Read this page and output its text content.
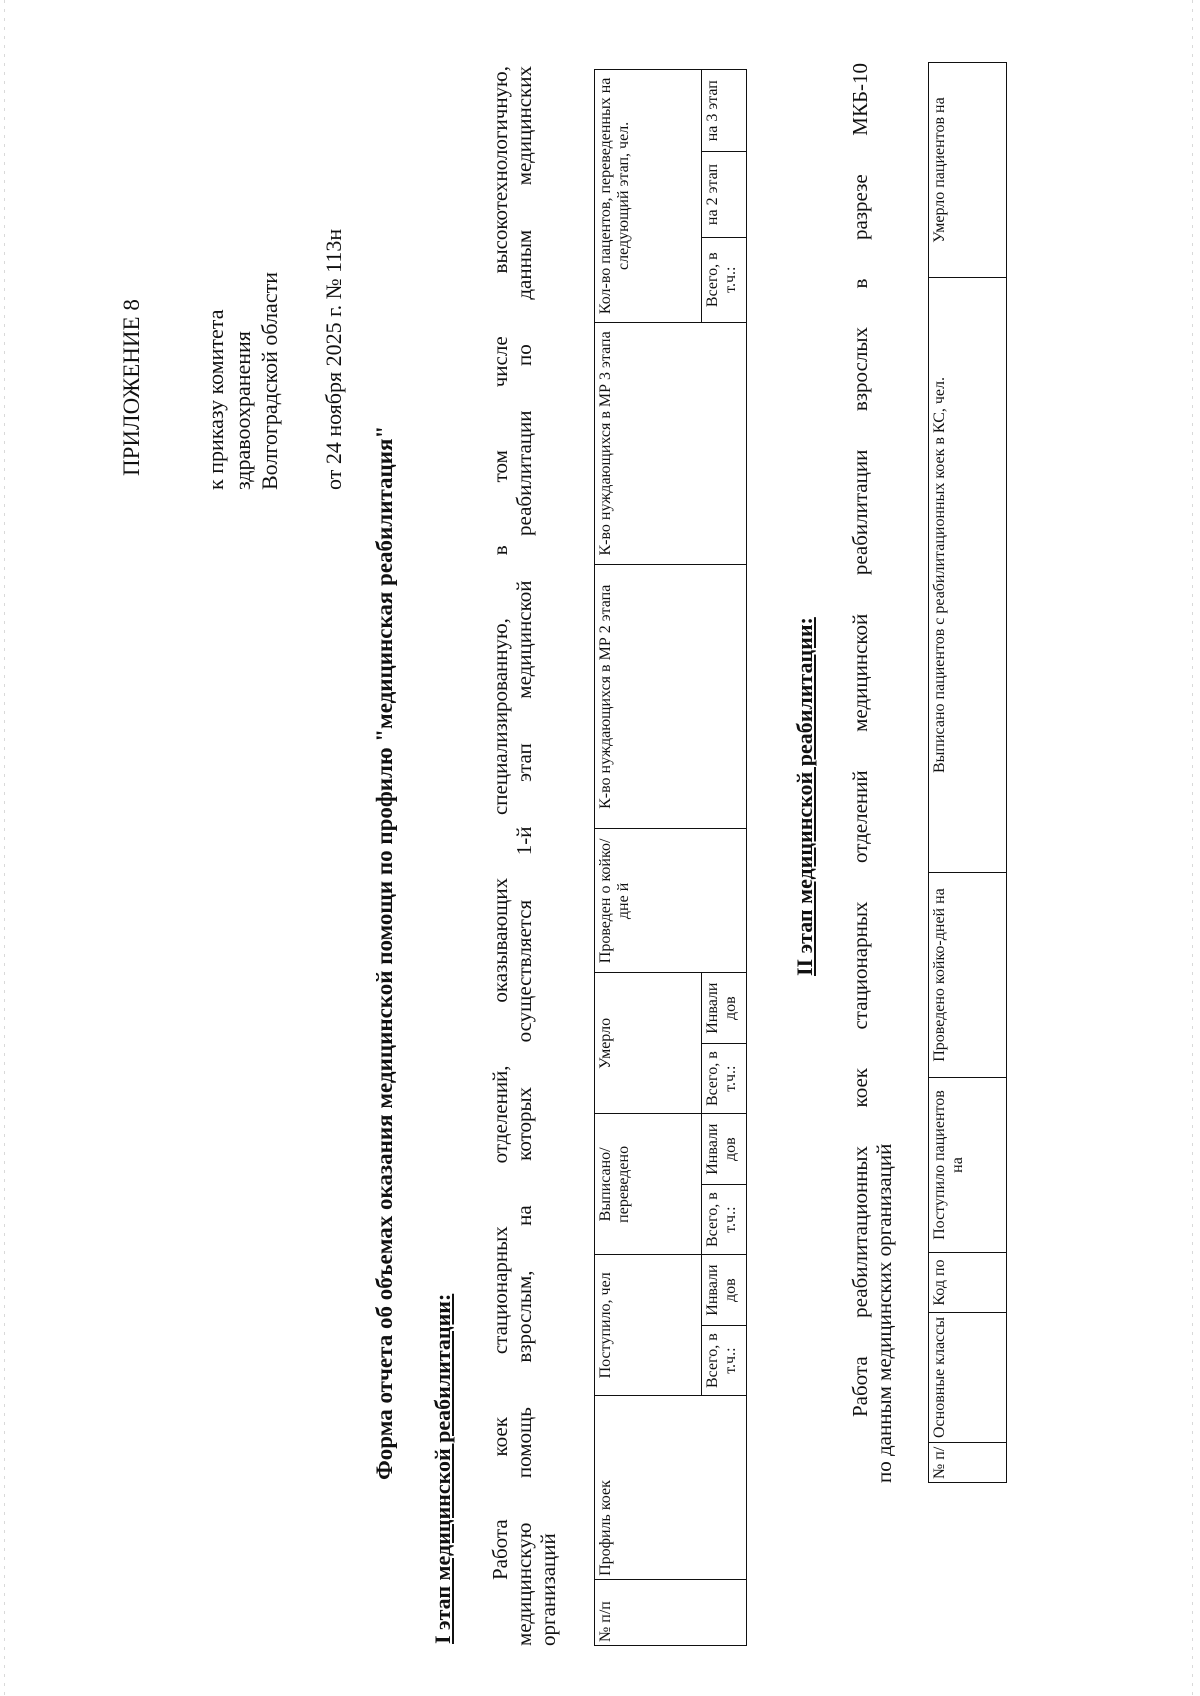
ПРИЛОЖЕНИЕ 8	к приказу комитета здравоохранения Волгоградской области от 24 ноября 2025 г. № 113н
Форма отчета об объемах оказания медицинской помощи по профилю "медицинская реабилитация" I этап медицинской реабилитации: Работа коек стационарных отделений, оказывающих специализированную, в том числе высокотехнологичную, медицинскую помощь взрослым, на которых осуществляется 1-й этап медицинской реабилитации по данным медицинских организаций № п/п	Профиль коек	Поступило, чел		Выписано/ переведено		Умерло		Проведен о койко/дне й	К-во нуждающихся в МР 2 этапа	К-во нуждающихся в МР 3 этапа	Кол-во пацентов, переведенных на следующий этап, чел.		
		Всего, в т.ч.:	Инвали дов	Всего, в т.ч.:	Инвали дов	Всего, в т.ч.:	Инвали дов				Всего, в т.ч.:	на 2 этап	на 3 этап
II этап медицинской реабилитации: Работа реабилитационных коек стационарных отделений медицинской реабилитации взрослых в разрезе МКБ-10 по данным медицинских организаций № п/	Основные классы	Код по	Поступило пациентов на	Проведено койко-дней на	Выписано пациентов с реабилитационных коек в КС, чел.	Умерло пациентов на
